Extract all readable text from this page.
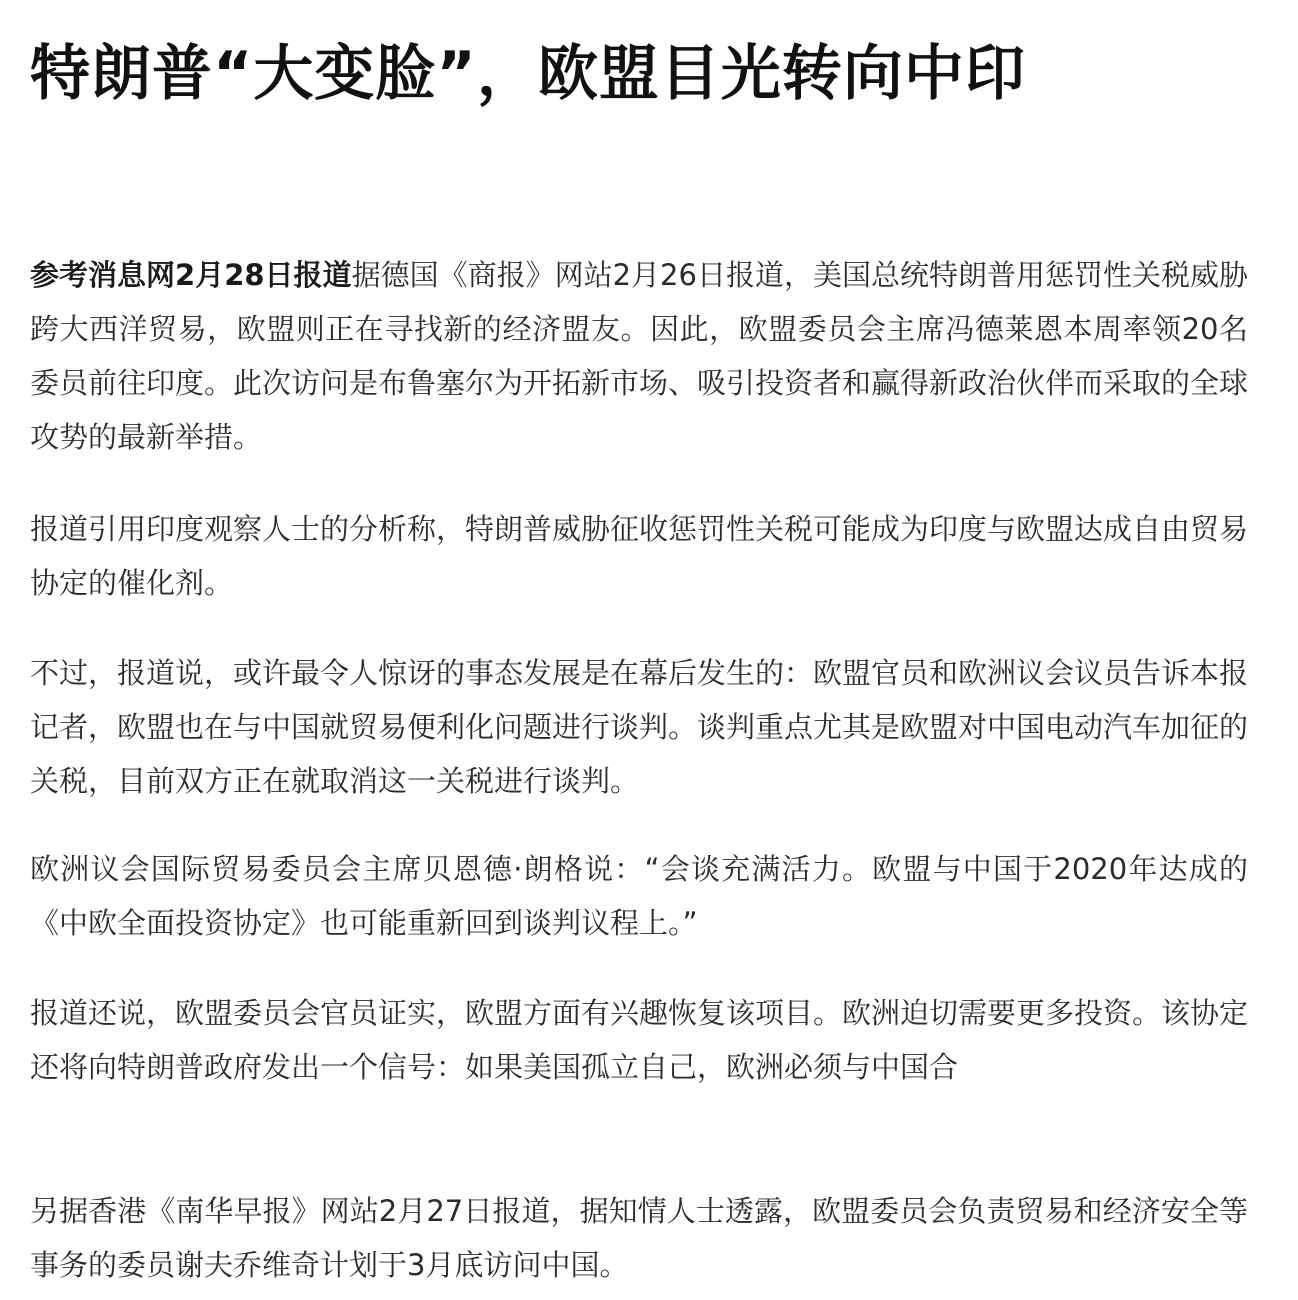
特朗普“大变脸”，欧盟目光转向中印

参考消息网2月28日报道据德国《商报》网站2月26日报道，美国总统特朗普用惩罚性关税威胁跨大西洋贸易，欧盟则正在寻找新的经济盟友。因此，欧盟委员会主席冯德莱恩本周率领20名委员前往印度。此次访问是布鲁塞尔为开拓新市场、吸引投资者和赢得新政治伙伴而采取的全球攻势的最新举措。

报道引用印度观察人士的分析称，特朗普威胁征收惩罚性关税可能成为印度与欧盟达成自由贸易协定的催化剂。

不过，报道说，或许最令人惊讶的事态发展是在幕后发生的：欧盟官员和欧洲议会议员告诉本报记者，欧盟也在与中国就贸易便利化问题进行谈判。谈判重点尤其是欧盟对中国电动汽车加征的关税，目前双方正在就取消这一关税进行谈判。

欧洲议会国际贸易委员会主席贝恩德·朗格说：“会谈充满活力。欧盟与中国于2020年达成的《中欧全面投资协定》也可能重新回到谈判议程上。”

报道还说，欧盟委员会官员证实，欧盟方面有兴趣恢复该项目。欧洲迫切需要更多投资。该协定还将向特朗普政府发出一个信号：如果美国孤立自己，欧洲必须与中国合

另据香港《南华早报》网站2月27日报道，据知情人士透露，欧盟委员会负责贸易和经济安全等事务的委员谢夫乔维奇计划于3月底访问中国。
